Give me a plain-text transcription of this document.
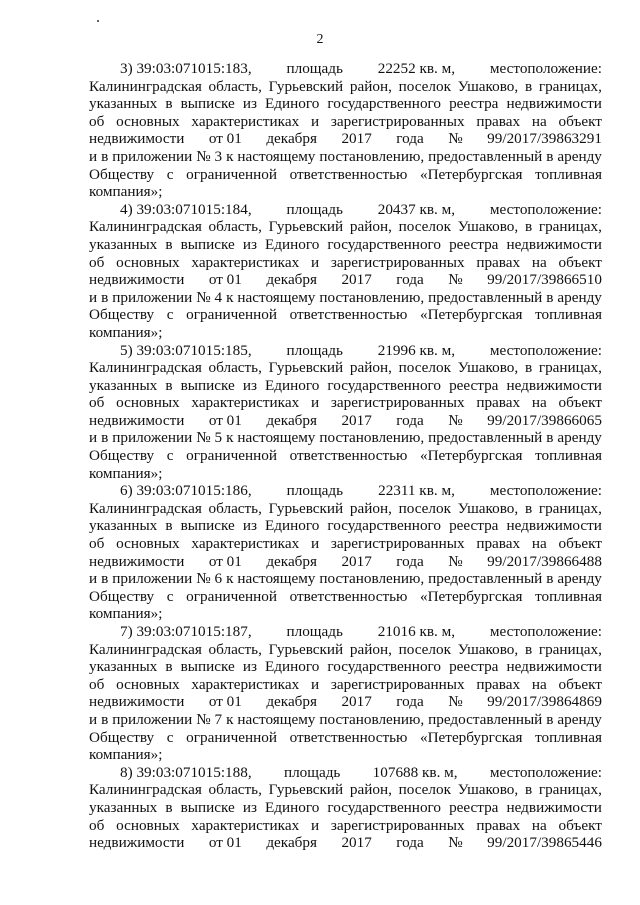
2
3) 39:03:071015:183, площадь 22252 кв. м, местоположение:
Калининградская область, Гурьевский район, поселок Ушаково, в границах,
указанных в выписке из Единого государственного реестра недвижимости
об основных характеристиках и зарегистрированных правах на объект
недвижимости от 01 декабря 2017 года № 99/2017/39863291
и в приложении № 3 к настоящему постановлению, предоставленный в аренду
Обществу с ограниченной ответственностью «Петербургская топливная
компания»;
4) 39:03:071015:184, площадь 20437 кв. м, местоположение:
Калининградская область, Гурьевский район, поселок Ушаково, в границах,
указанных в выписке из Единого государственного реестра недвижимости
об основных характеристиках и зарегистрированных правах на объект
недвижимости от 01 декабря 2017 года № 99/2017/39866510
и в приложении № 4 к настоящему постановлению, предоставленный в аренду
Обществу с ограниченной ответственностью «Петербургская топливная
компания»;
5) 39:03:071015:185, площадь 21996 кв. м, местоположение:
Калининградская область, Гурьевский район, поселок Ушаково, в границах,
указанных в выписке из Единого государственного реестра недвижимости
об основных характеристиках и зарегистрированных правах на объект
недвижимости от 01 декабря 2017 года № 99/2017/39866065
и в приложении № 5 к настоящему постановлению, предоставленный в аренду
Обществу с ограниченной ответственностью «Петербургская топливная
компания»;
6) 39:03:071015:186, площадь 22311 кв. м, местоположение:
Калининградская область, Гурьевский район, поселок Ушаково, в границах,
указанных в выписке из Единого государственного реестра недвижимости
об основных характеристиках и зарегистрированных правах на объект
недвижимости от 01 декабря 2017 года № 99/2017/39866488
и в приложении № 6 к настоящему постановлению, предоставленный в аренду
Обществу с ограниченной ответственностью «Петербургская топливная
компания»;
7) 39:03:071015:187, площадь 21016 кв. м, местоположение:
Калининградская область, Гурьевский район, поселок Ушаково, в границах,
указанных в выписке из Единого государственного реестра недвижимости
об основных характеристиках и зарегистрированных правах на объект
недвижимости от 01 декабря 2017 года № 99/2017/39864869
и в приложении № 7 к настоящему постановлению, предоставленный в аренду
Обществу с ограниченной ответственностью «Петербургская топливная
компания»;
8) 39:03:071015:188, площадь 107688 кв. м, местоположение:
Калининградская область, Гурьевский район, поселок Ушаково, в границах,
указанных в выписке из Единого государственного реестра недвижимости
об основных характеристиках и зарегистрированных правах на объект
недвижимости от 01 декабря 2017 года № 99/2017/39865446
